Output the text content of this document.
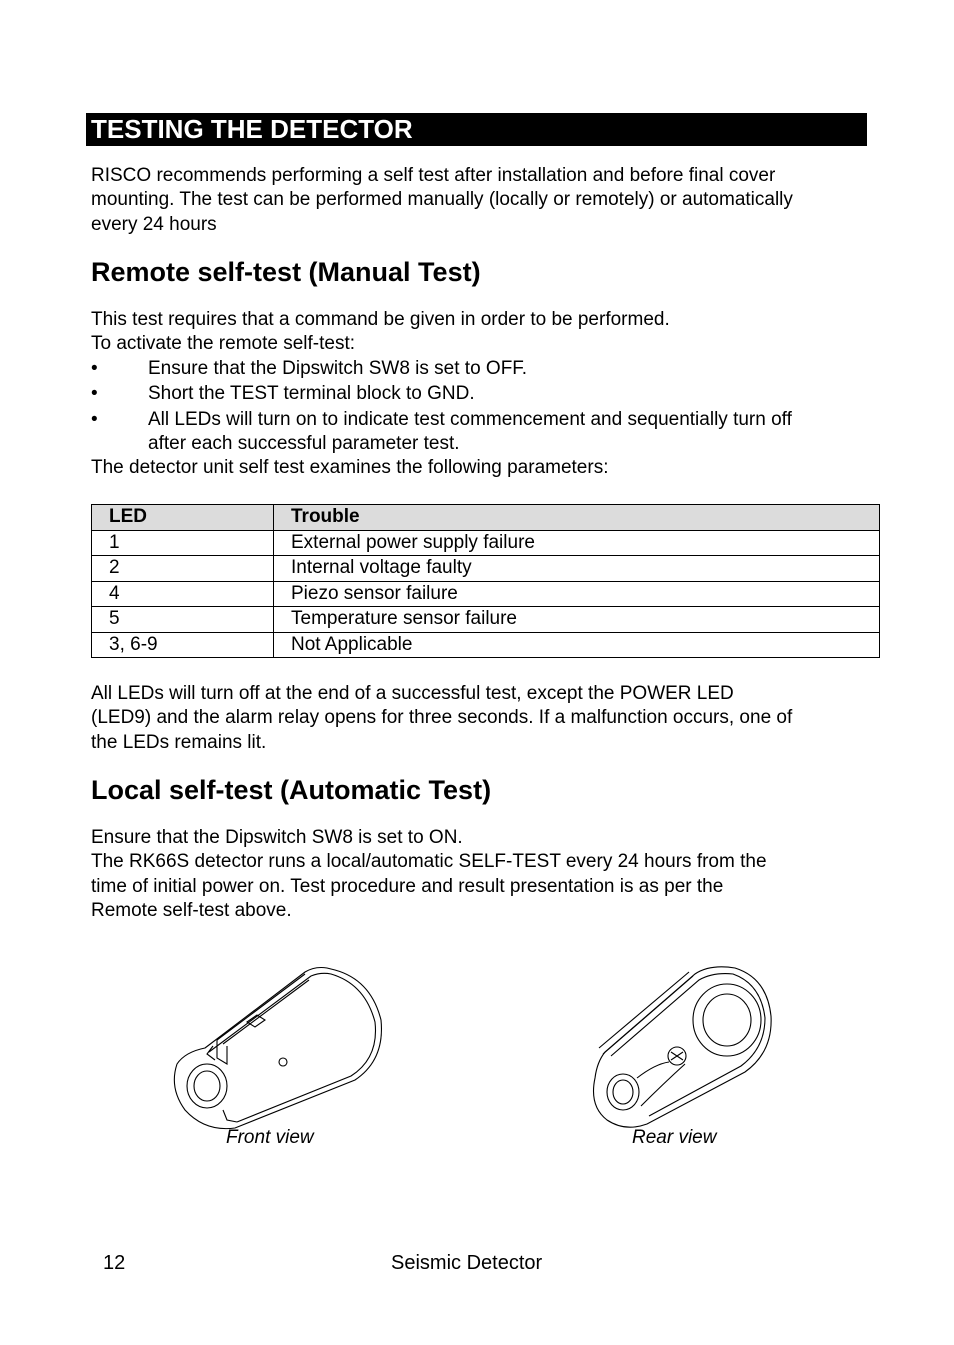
TESTING THE DETECTOR
RISCO recommends performing a self test after installation and before final cover
mounting. The test can be performed manually (locally or remotely) or automatically
every 24 hours
Remote self-test (Manual Test)
This test requires that a command be given in order to be performed.
To activate the remote self-test:
•	Ensure that the Dipswitch SW8 is set to OFF.
•	Short the TEST terminal block to GND.
•	All LEDs will turn on to indicate test commencement and sequentially turn off
after each successful parameter test.
The detector unit self test examines the following parameters:
LED	Trouble
1	External power supply failure
2	Internal voltage faulty
4	Piezo sensor failure
5	Temperature sensor failure
3, 6-9	Not Applicable
All LEDs will turn off at the end of a successful test, except the POWER LED
(LED9) and the alarm relay opens for three seconds. If a malfunction occurs, one of
the LEDs remains lit.
Local self-test (Automatic Test)
Ensure that the Dipswitch SW8 is set to ON.
The RK66S detector runs a local/automatic SELF-TEST every 24 hours from the
time of initial power on. Test procedure and result presentation is as per the
Remote self-test above.
Front view	Rear view
12	Seismic Detector
